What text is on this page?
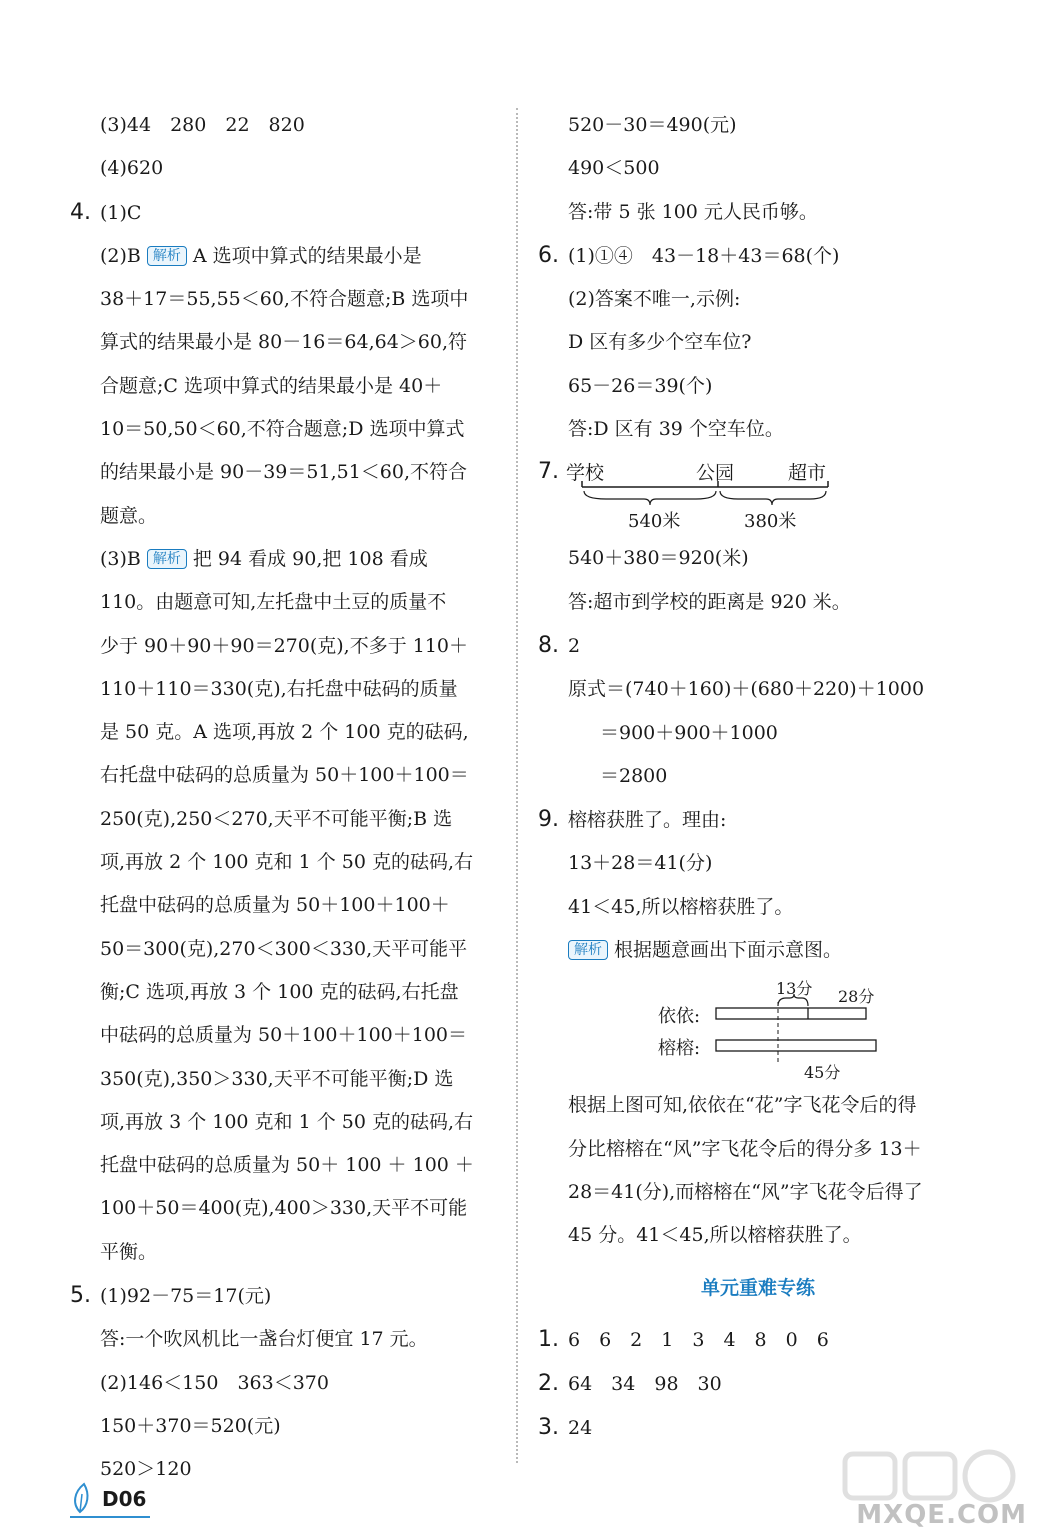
(3)44　280　22　820
(4)620
4. (1)C
(2)B 解析 A 选项中算式的结果最小是
38＋17＝55,55＜60,不符合题意;B 选项中
算式的结果最小是 80－16＝64,64＞60,符
合题意;C 选项中算式的结果最小是 40＋
10＝50,50＜60,不符合题意;D 选项中算式
的结果最小是 90－39＝51,51＜60,不符合
题意。
(3)B 解析 把 94 看成 90,把 108 看成
110。由题意可知,左托盘中土豆的质量不
少于 90＋90＋90＝270(克),不多于 110＋
110＋110＝330(克),右托盘中砝码的质量
是 50 克。A 选项,再放 2 个 100 克的砝码,
右托盘中砝码的总质量为 50＋100＋100＝
250(克),250＜270,天平不可能平衡;B 选
项,再放 2 个 100 克和 1 个 50 克的砝码,右
托盘中砝码的总质量为 50＋100＋100＋
50＝300(克),270＜300＜330,天平可能平
衡;C 选项,再放 3 个 100 克的砝码,右托盘
中砝码的总质量为 50＋100＋100＋100＝
350(克),350＞330,天平不可能平衡;D 选
项,再放 3 个 100 克和 1 个 50 克的砝码,右
托盘中砝码的总质量为 50＋ 100 ＋ 100 ＋
100＋50＝400(克),400＞330,天平不可能
平衡。
5. (1)92－75＝17(元)
答:一个吹风机比一盏台灯便宜 17 元。
(2)146＜150　363＜370
150＋370＝520(元)
520＞120
520－30＝490(元)
490＜500
答:带 5 张 100 元人民币够。
6. (1)①④　43－18＋43＝68(个)
(2)答案不唯一,示例:
D 区有多少个空车位?
65－26＝39(个)
答:D 区有 39 个空车位。
7. 学校	公园	超市
540米	380米
540＋380＝920(米)
答:超市到学校的距离是 920 米。
8. 2
原式＝(740＋160)＋(680＋220)＋1000
＝900＋900＋1000
＝2800
9. 榕榕获胜了。理由:
13＋28＝41(分)
41＜45,所以榕榕获胜了。
解析 根据题意画出下面示意图。
13分 28分
依依:
榕榕:
45分
根据上图可知,依依在“花”字飞花令后的得
分比榕榕在“风”字飞花令后的得分多 13＋
28＝41(分),而榕榕在“风”字飞花令后得了
45 分。41＜45,所以榕榕获胜了。
单元重难专练
1. 6　6　2　1　3　4　8　0　6
2. 64　34　98　30
3. 24
D06
MXQE.COM
